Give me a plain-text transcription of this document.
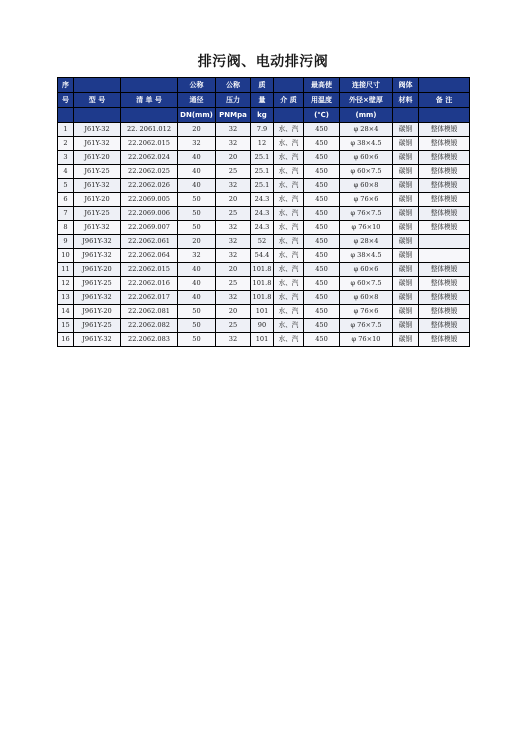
排污阀、电动排污阀
序			公称	公称	质		最高使	连接尺寸	阀体	
号	型 号	清 单 号	通径	压力	量	介 质	用温度	外径×壁厚	材料	备 注
			DN(mm)	PNMpa	kg		(℃)	(mm)		
1	J61Y-32	22. 2061.012	20	32	7.9	水、汽	450	φ 28×4	碳钢	整体模锻
2	J61Y-32	22.2062.015	32	32	12	水、汽	450	φ 38×4.5	碳钢	整体模锻
3	J61Y-20	22.2062.024	40	20	25.1	水、汽	450	φ 60×6	碳钢	整体模锻
4	J61Y-25	22.2062.025	40	25	25.1	水、汽	450	φ 60×7.5	碳钢	整体模锻
5	J61Y-32	22.2062.026	40	32	25.1	水、汽	450	φ 60×8	碳钢	整体模锻
6	J61Y-20	22.2069.005	50	20	24.3	水、汽	450	φ 76×6	碳钢	整体模锻
7	J61Y-25	22.2069.006	50	25	24.3	水、汽	450	φ 76×7.5	碳钢	整体模锻
8	J61Y-32	22.2069.007	50	32	24.3	水、汽	450	φ 76×10	碳钢	整体模锻
9	J961Y-32	22.2062.061	20	32	52	水、汽	450	φ 28×4	碳钢	
10	J961Y-32	22.2062.064	32	32	54.4	水、汽	450	φ 38×4.5	碳钢	
11	J961Y-20	22.2062.015	40	20	101.8	水、汽	450	φ 60×6	碳钢	整体模锻
12	J961Y-25	22.2062.016	40	25	101.8	水、汽	450	φ 60×7.5	碳钢	整体模锻
13	J961Y-32	22.2062.017	40	32	101.8	水、汽	450	φ 60×8	碳钢	整体模锻
14	J961Y-20	22.2062.081	50	20	101	水、汽	450	φ 76×6	碳钢	整体模锻
15	J961Y-25	22.2062.082	50	25	90	水、汽	450	φ 76×7.5	碳钢	整体模锻
16	J961Y-32	22.2062.083	50	32	101	水、汽	450	φ 76×10	碳钢	整体模锻
